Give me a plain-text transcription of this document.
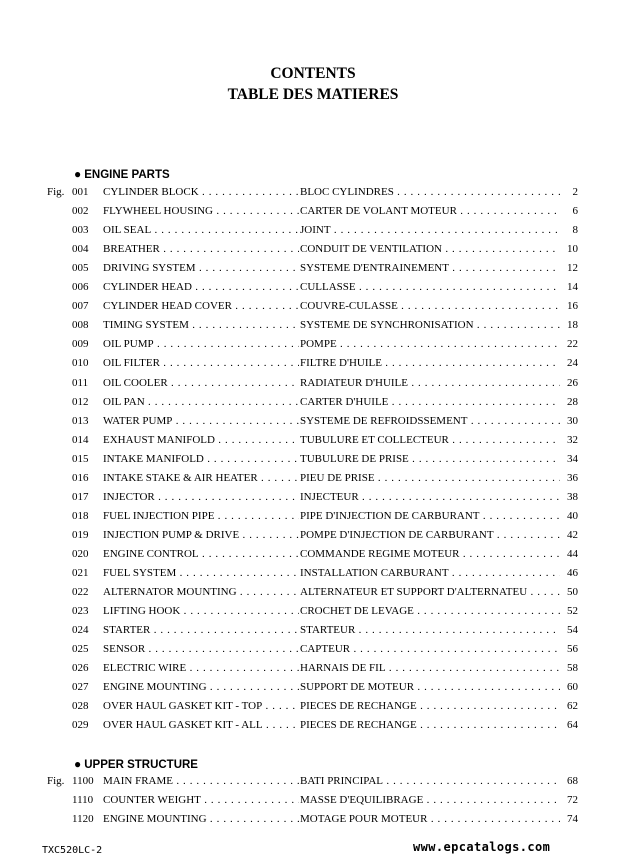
CONTENTS
TABLE DES MATIERES
● ENGINE PARTS
Fig. 001 CYLINDER BLOCK . . .	BLOC CYLINDRES . . .	2
002 FLYWHEEL HOUSING . . .	CARTER DE VOLANT MOTEUR . . .	6
003 OIL SEAL . . .	JOINT . . .	8
004 BREATHER . . .	CONDUIT DE VENTILATION . . .	10
005 DRIVING SYSTEM . . .	SYSTEME D'ENTRAINEMENT . . .	12
006 CYLINDER HEAD . . .	CULLASSE . . .	14
007 CYLINDER HEAD COVER . . .	COUVRE-CULASSE . . .	16
008 TIMING SYSTEM . . .	SYSTEME DE SYNCHRONISATION . . .	18
009 OIL PUMP . . .	POMPE . . .	22
010 OIL FILTER . . .	FILTRE D'HUILE . . .	24
011 OIL COOLER . . .	RADIATEUR D'HUILE . . .	26
012 OIL PAN . . .	CARTER D'HUILE . . .	28
013 WATER PUMP . . .	SYSTEME DE REFROIDSSEMENT . . .	30
014 EXHAUST MANIFOLD . . .	TUBULURE ET COLLECTEUR . . .	32
015 INTAKE MANIFOLD . . .	TUBULURE DE PRISE . . .	34
016 INTAKE STAKE & AIR HEATER . . .	PIEU DE PRISE . . .	36
017 INJECTOR . . .	INJECTEUR . . .	38
018 FUEL INJECTION PIPE . . .	PIPE D'INJECTION DE CARBURANT . . .	40
019 INJECTION PUMP & DRIVE . . .	POMPE D'INJECTION DE CARBURANT . . .	42
020 ENGINE CONTROL . . .	COMMANDE REGIME MOTEUR . . .	44
021 FUEL SYSTEM . . .	INSTALLATION CARBURANT . . .	46
022 ALTERNATOR MOUNTING . . .	ALTERNATEUR ET SUPPORT D'ALTERNATEU . . .	50
023 LIFTING HOOK . . .	CROCHET DE LEVAGE . . .	52
024 STARTER . . .	STARTEUR . . .	54
025 SENSOR . . .	CAPTEUR . . .	56
026 ELECTRIC WIRE . . .	HARNAIS DE FIL . . .	58
027 ENGINE MOUNTING . . .	SUPPORT DE MOTEUR . . .	60
028 OVER HAUL GASKET KIT - TOP . . .	PIECES DE RECHANGE . . .	62
029 OVER HAUL GASKET KIT - ALL . . .	PIECES DE RECHANGE . . .	64
● UPPER STRUCTURE
Fig. 1100 MAIN FRAME . . .	BATI PRINCIPAL . . .	68
1110 COUNTER WEIGHT . . .	MASSE D'EQUILIBRAGE . . .	72
1120 ENGINE MOUNTING . . .	MOTAGE POUR MOTEUR . . .	74
TXC520LC-2	www.epcatalogs.com
